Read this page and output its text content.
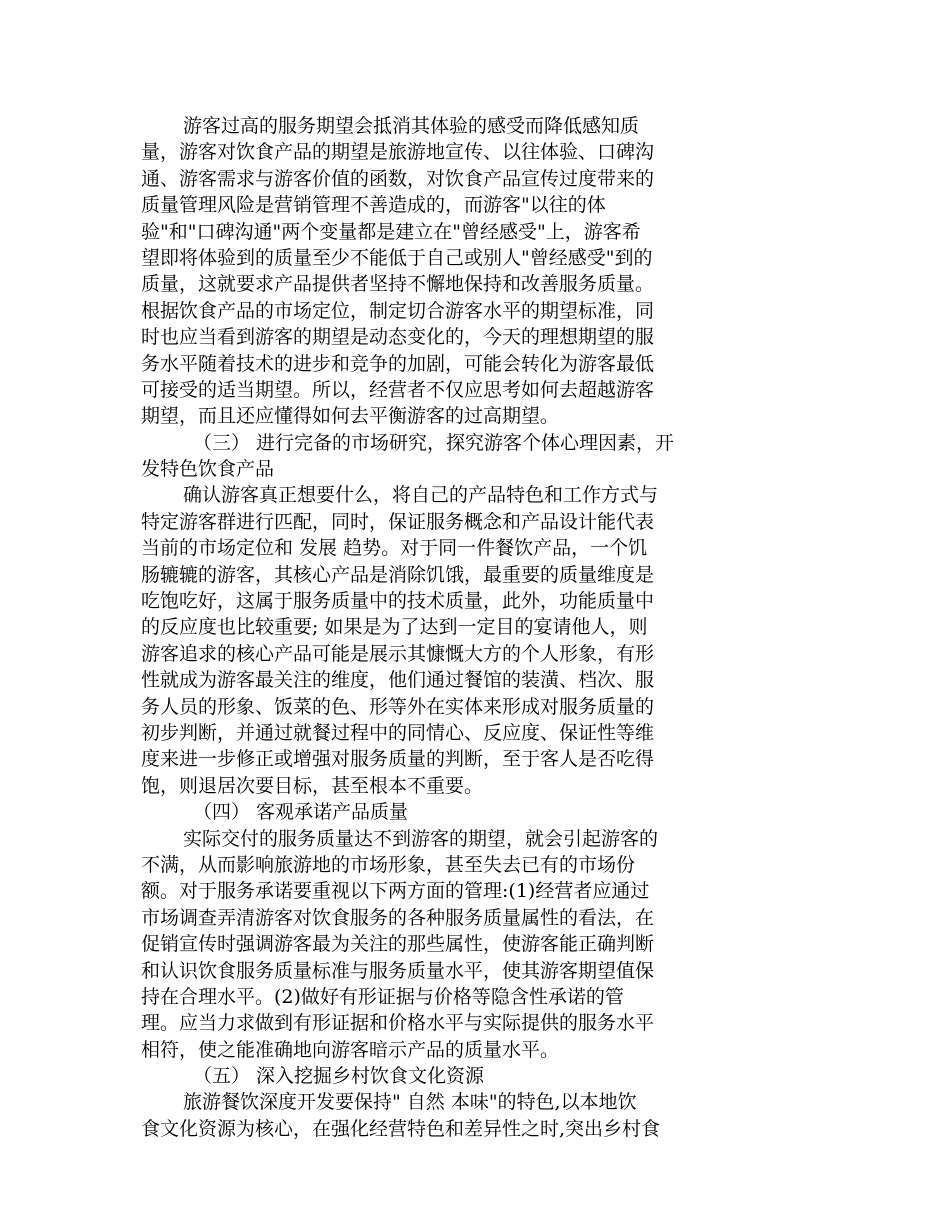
游客过高的服务期望会抵消其体验的感受而降低感知质
量，游客对饮食产品的期望是旅游地宣传、以往体验、口碑沟
通、游客需求与游客价值的函数，对饮食产品宣传过度带来的
质量管理风险是营销管理不善造成的，而游客"以往的体
验"和"口碑沟通"两个变量都是建立在"曾经感受"上，游客希
望即将体验到的质量至少不能低于自己或别人"曾经感受"到的
质量，这就要求产品提供者坚持不懈地保持和改善服务质量。
根据饮食产品的市场定位，制定切合游客水平的期望标准，同
时也应当看到游客的期望是动态变化的，今天的理想期望的服
务水平随着技术的进步和竞争的加剧，可能会转化为游客最低
可接受的适当期望。所以，经营者不仅应思考如何去超越游客
期望，而且还应懂得如何去平衡游客的过高期望。
（三） 进行完备的市场研究，探究游客个体心理因素，开
发特色饮食产品
确认游客真正想要什么，将自己的产品特色和工作方式与
特定游客群进行匹配，同时，保证服务概念和产品设计能代表
当前的市场定位和 发展 趋势。对于同一件餐饮产品，一个饥
肠辘辘的游客，其核心产品是消除饥饿，最重要的质量维度是
吃饱吃好，这属于服务质量中的技术质量，此外，功能质量中
的反应度也比较重要; 如果是为了达到一定目的宴请他人，则
游客追求的核心产品可能是展示其慷慨大方的个人形象，有形
性就成为游客最关注的维度，他们通过餐馆的装潢、档次、服
务人员的形象、饭菜的色、形等外在实体来形成对服务质量的
初步判断，并通过就餐过程中的同情心、反应度、保证性等维
度来进一步修正或增强对服务质量的判断，至于客人是否吃得
饱，则退居次要目标，甚至根本不重要。
（四） 客观承诺产品质量
实际交付的服务质量达不到游客的期望，就会引起游客的
不满，从而影响旅游地的市场形象，甚至失去已有的市场份
额。对于服务承诺要重视以下两方面的管理:(1)经营者应通过
市场调查弄清游客对饮食服务的各种服务质量属性的看法，在
促销宣传时强调游客最为关注的那些属性，使游客能正确判断
和认识饮食服务质量标准与服务质量水平，使其游客期望值保
持在合理水平。(2)做好有形证据与价格等隐含性承诺的管
理。应当力求做到有形证据和价格水平与实际提供的服务水平
相符，使之能准确地向游客暗示产品的质量水平。
（五） 深入挖掘乡村饮食文化资源
旅游餐饮深度开发要保持" 自然 本味"的特色,以本地饮
食文化资源为核心，在强化经营特色和差异性之时,突出乡村食
